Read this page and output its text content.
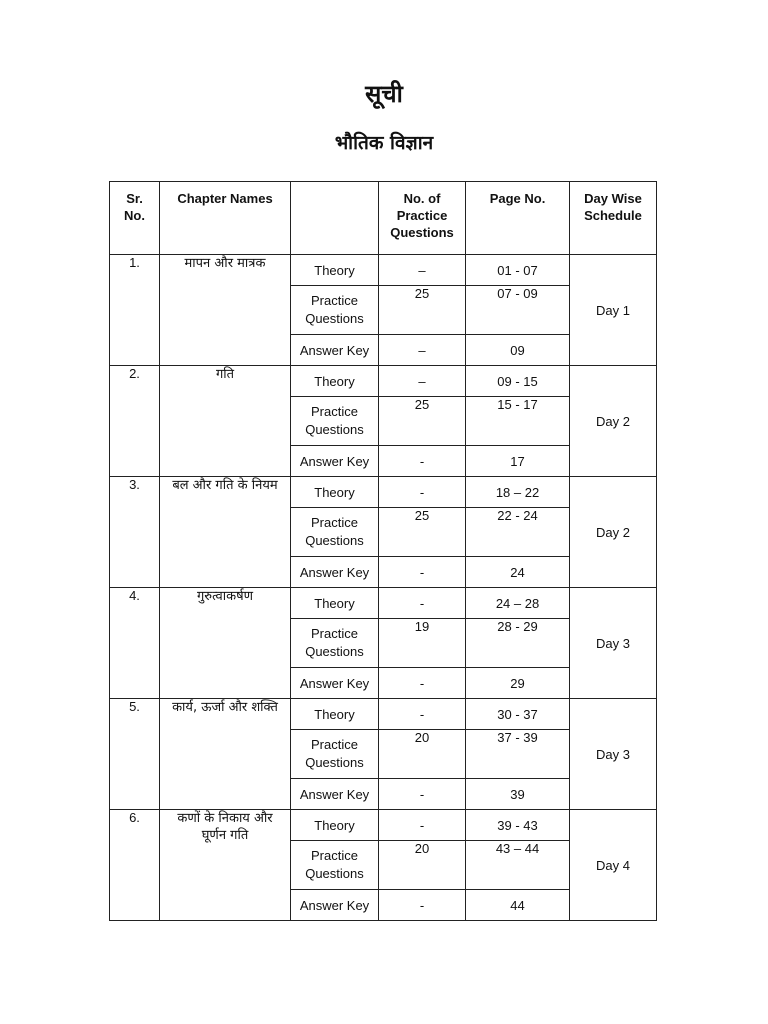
सूची
भौतिक विज्ञान
Sr. No.	Chapter Names		No. of Practice Questions	Page No.	Day Wise Schedule
1.	मापन और मात्रक	Theory	–	01 - 07	Day 1
		Practice Questions	25	07 - 09	
		Answer Key	–	09	
2.	गति	Theory	–	09 - 15	Day 2
		Practice Questions	25	15 - 17	
		Answer Key	-	17	
3.	बल और गति के नियम	Theory	-	18 – 22	Day 2
		Practice Questions	25	22 - 24	
		Answer Key	-	24	
4.	गुरुत्वाकर्षण	Theory	-	24 – 28	Day 3
		Practice Questions	19	28 - 29	
		Answer Key	-	29	
5.	कार्य, ऊर्जा और शक्ति	Theory	-	30 - 37	Day 3
		Practice Questions	20	37 - 39	
		Answer Key	-	39	
6.	कणों के निकाय और घूर्णन गति	Theory	-	39 - 43	Day 4
		Practice Questions	20	43 – 44	
		Answer Key	-	44	
